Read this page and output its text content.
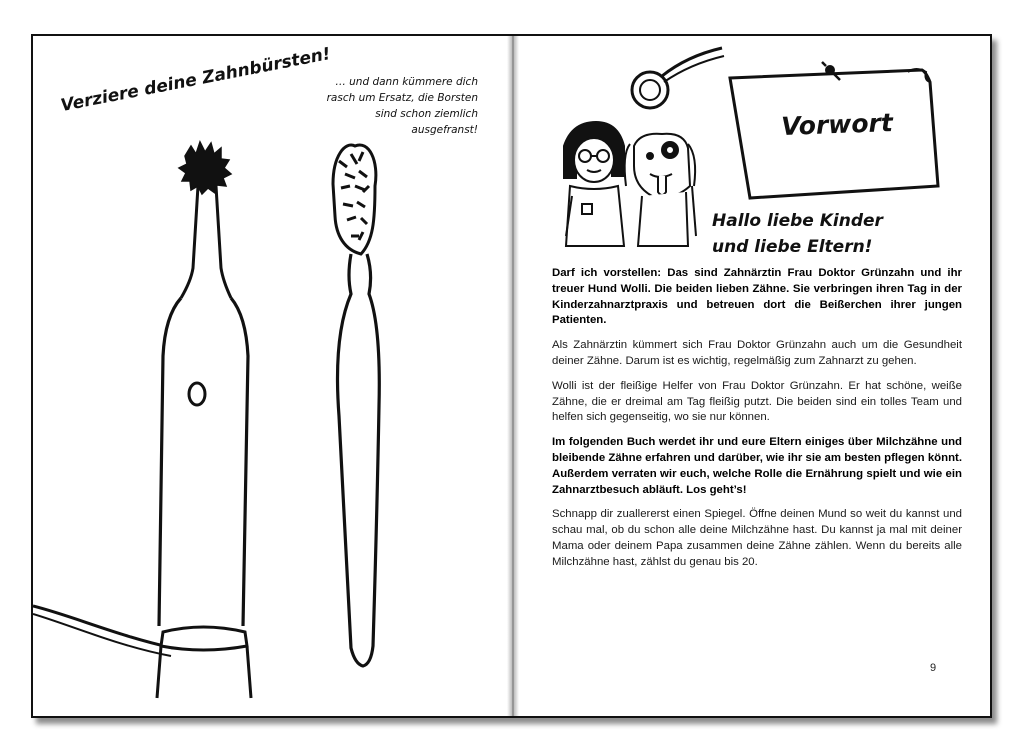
Verziere deine Zahnbürsten! … und dann kümmere dich
rasch um Ersatz, die Borsten
sind schon ziemlich ausgefranst!	Vorwort
Hallo liebe Kinder
und liebe Eltern!

Darf ich vorstellen: Das sind Zahnärztin Frau Doktor Grünzahn und ihr treuer Hund Wolli. Die beiden lieben Zähne. Sie verbringen ihren Tag in der Kinderzahnarztpraxis und betreuen dort die Beißerchen ihrer jungen Patienten.

Als Zahnärztin kümmert sich Frau Doktor Grünzahn auch um die Gesundheit deiner Zähne. Darum ist es wichtig, regelmäßig zum Zahnarzt zu gehen.

Wolli ist der fleißige Helfer von Frau Doktor Grünzahn. Er hat schöne, weiße Zähne, die er dreimal am Tag fleißig putzt. Die beiden sind ein tolles Team und helfen sich gegenseitig, wo sie nur können.

Im folgenden Buch werdet ihr und eure Eltern einiges über Milchzähne und bleibende Zähne erfahren und darüber, wie ihr sie am besten pflegen könnt. Außerdem verraten wir euch, welche Rolle die Ernährung spielt und wie ein Zahnarztbesuch abläuft. Los geht’s!

Schnapp dir zuallererst einen Spiegel. Öffne deinen Mund so weit du kannst und schau mal, ob du schon alle deine Milchzähne hast. Du kannst ja mal mit deiner Mama oder deinem Papa zusammen deine Zähne zählen. Wenn du bereits alle Milchzähne hast, zählst du genau bis 20.

9
